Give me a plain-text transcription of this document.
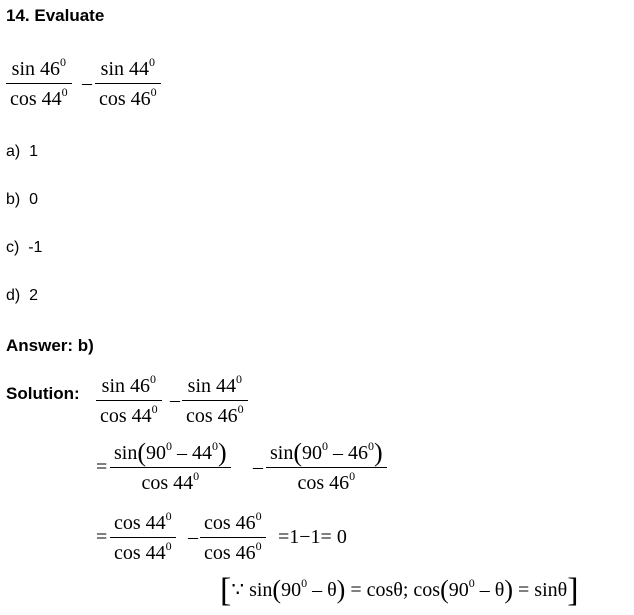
14. Evaluate
$\sin 46^0$
$\cos 44^0$ –
$\sin 44^0$
$\cos 46^0$
a) 1
b) 0
c) -1
d) 2
Answer: b)
Solution: $\sin 46^0$
$\cos 44^0$ –
$\sin 44^0$
$\cos 46^0$
=
$\sin(90^0 - 44^0)$
$\cos 44^0$	–
$\sin(90^0 - 46^0)$
$\cos 46^0$
=
$\cos 44^0$
$\cos 44^0$ –
$\cos 46^0$
$\cos 46^0 =1-1= 0$
[∵ $\sin(90^0 - \theta) = \cos\theta$; $\cos(90^0 - \theta) = \sin\theta$]
